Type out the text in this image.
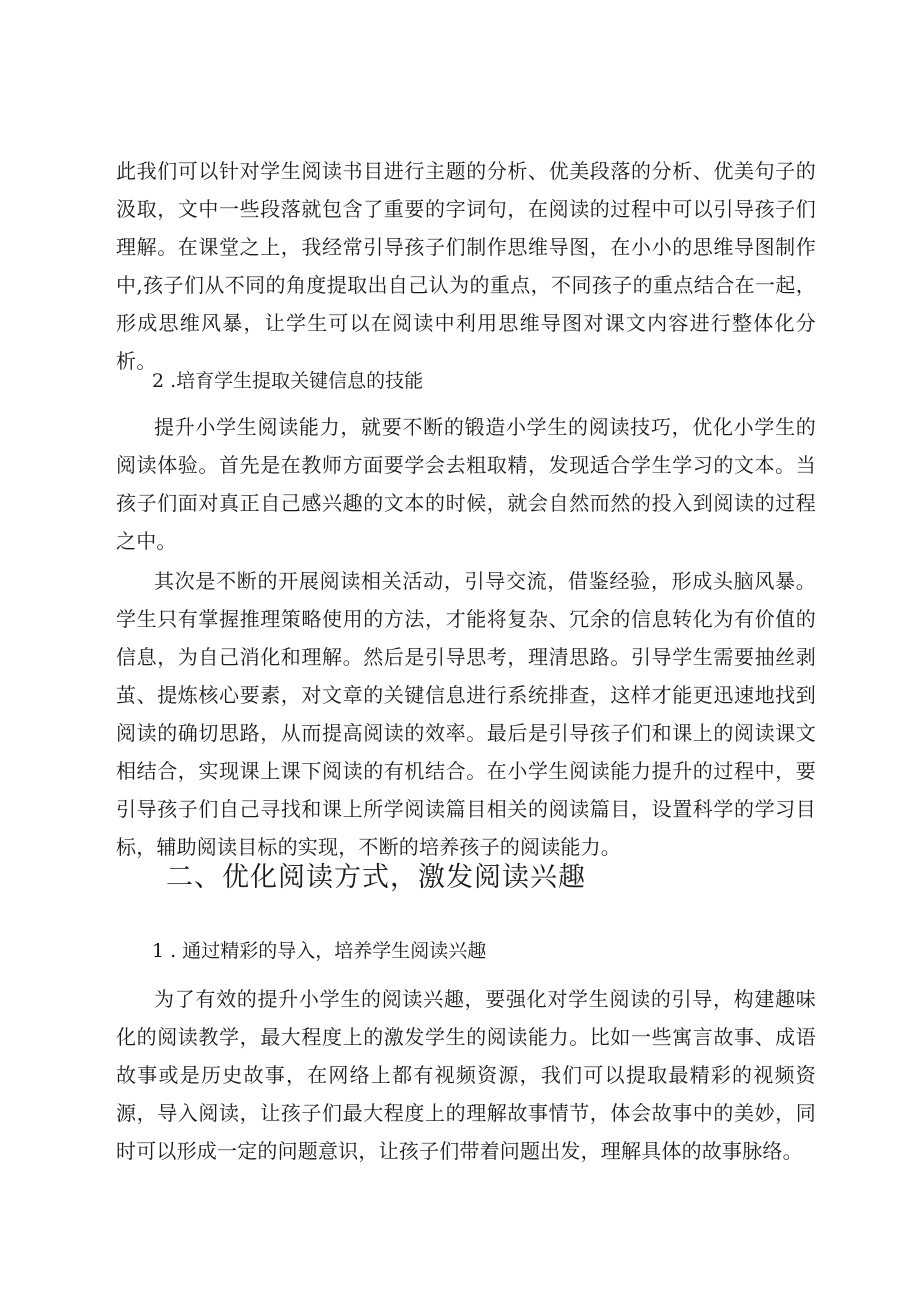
此我们可以针对学生阅读书目进行主题的分析、优美段落的分析、优美句子的汲取，文中一些段落就包含了重要的字词句，在阅读的过程中可以引导孩子们理解。在课堂之上，我经常引导孩子们制作思维导图，在小小的思维导图制作中,孩子们从不同的角度提取出自己认为的重点，不同孩子的重点结合在一起，形成思维风暴，让学生可以在阅读中利用思维导图对课文内容进行整体化分析。

2 .培育学生提取关键信息的技能

提升小学生阅读能力，就要不断的锻造小学生的阅读技巧，优化小学生的阅读体验。首先是在教师方面要学会去粗取精，发现适合学生学习的文本。当孩子们面对真正自己感兴趣的文本的时候，就会自然而然的投入到阅读的过程之中。

其次是不断的开展阅读相关活动，引导交流，借鉴经验，形成头脑风暴。学生只有掌握推理策略使用的方法，才能将复杂、冗余的信息转化为有价值的信息，为自己消化和理解。然后是引导思考，理清思路。引导学生需要抽丝剥茧、提炼核心要素，对文章的关键信息进行系统排查，这样才能更迅速地找到阅读的确切思路，从而提高阅读的效率。最后是引导孩子们和课上的阅读课文相结合，实现课上课下阅读的有机结合。在小学生阅读能力提升的过程中，要引导孩子们自己寻找和课上所学阅读篇目相关的阅读篇目，设置科学的学习目标，辅助阅读目标的实现，不断的培养孩子的阅读能力。

二、优化阅读方式，激发阅读兴趣

1 . 通过精彩的导入，培养学生阅读兴趣

为了有效的提升小学生的阅读兴趣，要强化对学生阅读的引导，构建趣味化的阅读教学，最大程度上的激发学生的阅读能力。比如一些寓言故事、成语故事或是历史故事，在网络上都有视频资源，我们可以提取最精彩的视频资源，导入阅读，让孩子们最大程度上的理解故事情节，体会故事中的美妙，同时可以形成一定的问题意识，让孩子们带着问题出发，理解具体的故事脉络。
